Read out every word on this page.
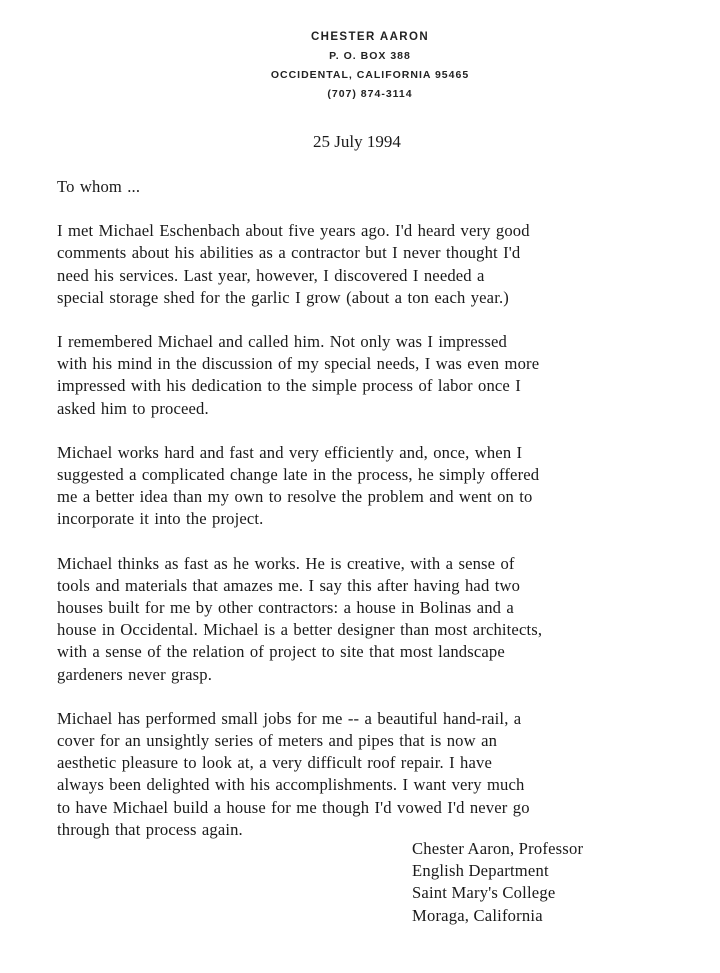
CHESTER AARON
P. O. BOX 388
OCCIDENTAL, CALIFORNIA 95465
(707) 874-3114
25 July 1994

To whom ...

I met Michael Eschenbach about five years ago. I'd heard very good
comments about his abilities as a contractor but I never thought I'd
need his services. Last year, however, I discovered I needed a
special storage shed for the garlic I grow (about a ton each year.)

I remembered Michael and called him. Not only was I impressed
with his mind in the discussion of my special needs, I was even more
impressed with his dedication to the simple process of labor once I
asked him to proceed.

Michael works hard and fast and very efficiently and, once, when I
suggested a complicated change late in the process, he simply offered
me a better idea than my own to resolve the problem and went on to
incorporate it into the project.

Michael thinks as fast as he works. He is creative, with a sense of
tools and materials that amazes me. I say this after having had two
houses built for me by other contractors: a house in Bolinas and a
house in Occidental. Michael is a better designer than most architects,
with a sense of the relation of project to site that most landscape
gardeners never grasp.

Michael has performed small jobs for me -- a beautiful hand-rail, a
cover for an unsightly series of meters and pipes that is now an
aesthetic pleasure to look at, a very difficult roof repair. I have
always been delighted with his accomplishments. I want very much
to have Michael build a house for me though I'd vowed I'd never go
through that process again.

Chester Aaron, Professor
English Department
Saint Mary's College
Moraga, California
